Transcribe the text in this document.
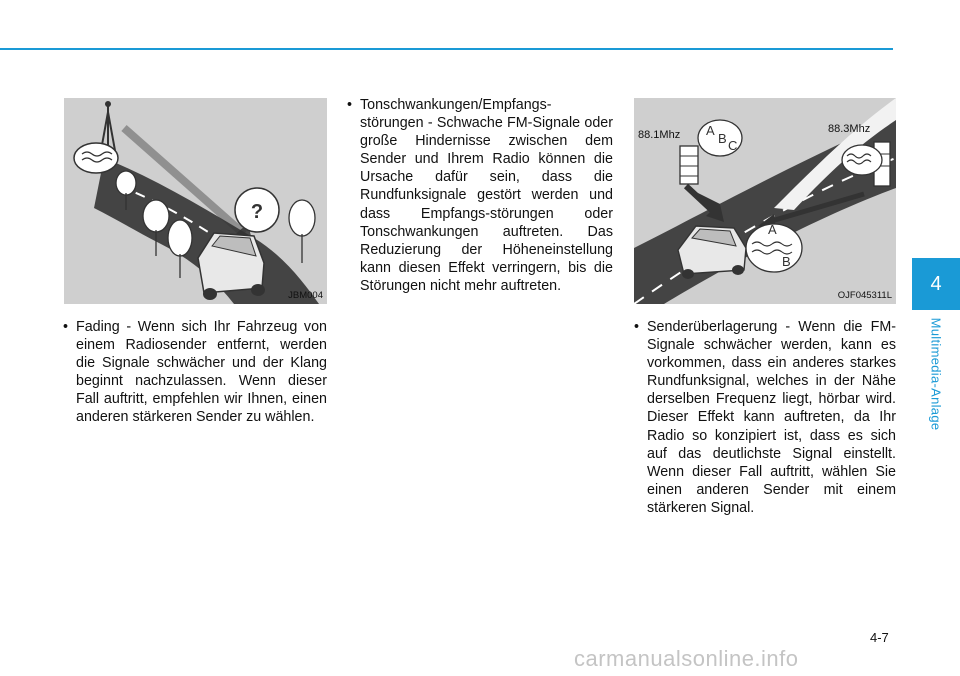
4
Multimedia-Anlage
?
JBM004
88.1Mhz A
B C
88.3Mhz
A
B
OJF045311L
• Fading - Wenn sich Ihr Fahrzeug von einem Radiosender entfernt, werden die Signale schwächer und der Klang beginnt nachzulassen. Wenn dieser Fall auftritt, empfehlen wir Ihnen, einen anderen stärkeren Sender zu wählen.
• Tonschwankungen/Empfangs-störungen - Schwache FM-Signale oder große Hindernisse zwischen dem Sender und Ihrem Radio können die Ursache dafür sein, dass die Rundfunksignale gestört werden und dass Empfangs-störungen oder Tonschwankungen auftreten. Das Reduzierung der Höheneinstellung kann diesen Effekt verringern, bis die Störungen nicht mehr auftreten.
• Senderüberlagerung - Wenn die FM-Signale schwächer werden, kann es vorkommen, dass ein anderes starkes Rundfunksignal, welches in der Nähe derselben Frequenz liegt, hörbar wird. Dieser Effekt kann auftreten, da Ihr Radio so konzipiert ist, dass es sich auf das deutlichste Signal einstellt. Wenn dieser Fall auftritt, wählen Sie einen anderen Sender mit einem stärkeren Signal.
4-7
carmanualsonline.info
